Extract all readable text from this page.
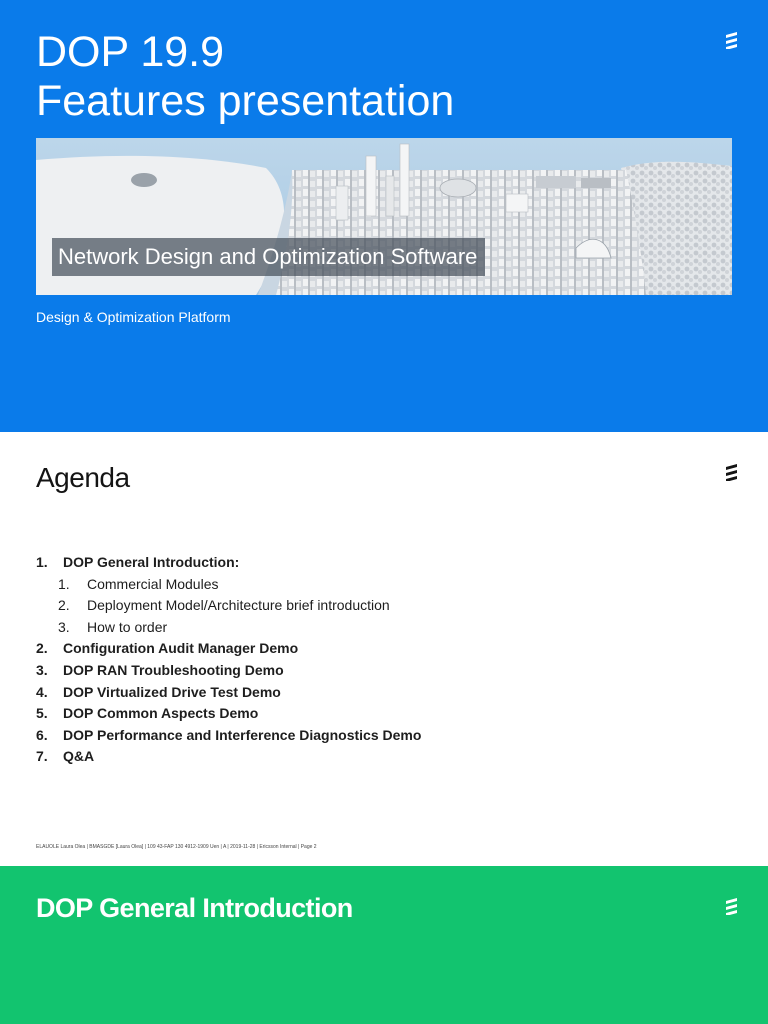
DOP 19.9
Features presentation
Network Design and Optimization Software
Design & Optimization Platform
Agenda
1. DOP General Introduction:
1. Commercial Modules
2. Deployment Model/Architecture brief introduction
3. How to order
2. Configuration Audit Manager Demo
3. DOP RAN Troubleshooting Demo
4. DOP Virtualized Drive Test Demo
5. DOP Common Aspects Demo
6. DOP Performance and Interference Diagnostics Demo
7. Q&A
ELAUOLE Laura Olea | BMASGDE [Laura Olea] | 109 43-FAP 130 4912-1909 Uen | A | 2019-11-28 | Ericsson Internal | Page 2
DOP General Introduction
